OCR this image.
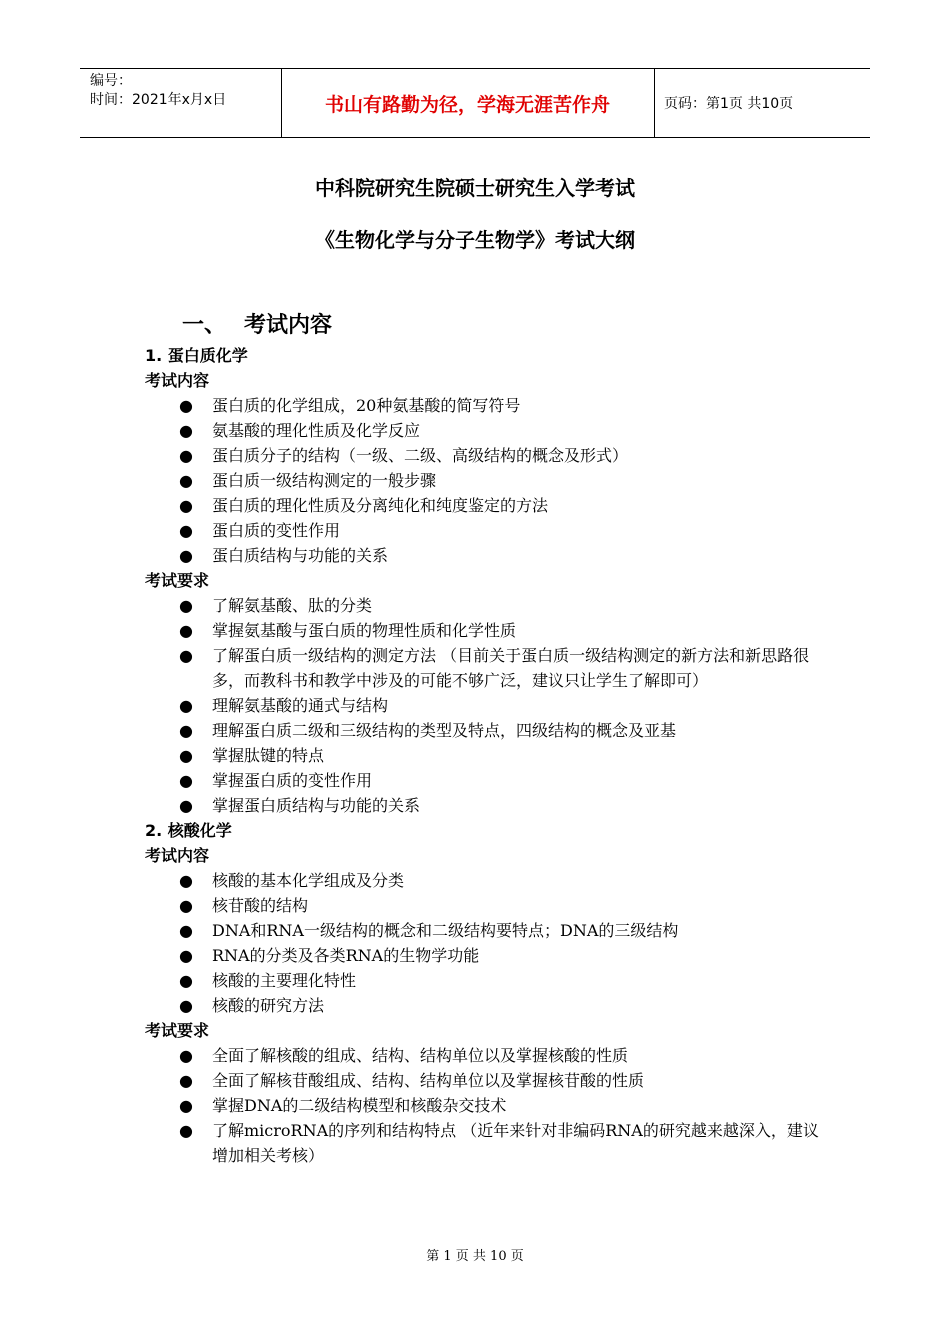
编号：
时间：2021年x月x日	书山有路勤为径，学海无涯苦作舟	页码：第1页 共10页
中科院研究生院硕士研究生入学考试
《生物化学与分子生物学》考试大纲
一、 考试内容
1. 蛋白质化学
考试内容
● 蛋白质的化学组成，20种氨基酸的简写符号
● 氨基酸的理化性质及化学反应
● 蛋白质分子的结构（一级、二级、高级结构的概念及形式）
● 蛋白质一级结构测定的一般步骤
● 蛋白质的理化性质及分离纯化和纯度鉴定的方法
● 蛋白质的变性作用
● 蛋白质结构与功能的关系
考试要求
● 了解氨基酸、肽的分类
● 掌握氨基酸与蛋白质的物理性质和化学性质
● 了解蛋白质一级结构的测定方法 （目前关于蛋白质一级结构测定的新方法和新思路很多，而教科书和教学中涉及的可能不够广泛，建议只让学生了解即可）
● 理解氨基酸的通式与结构
● 理解蛋白质二级和三级结构的类型及特点，四级结构的概念及亚基
● 掌握肽键的特点
● 掌握蛋白质的变性作用
● 掌握蛋白质结构与功能的关系
2. 核酸化学
考试内容
● 核酸的基本化学组成及分类
● 核苷酸的结构
● DNA和RNA一级结构的概念和二级结构要特点；DNA的三级结构
● RNA的分类及各类RNA的生物学功能
● 核酸的主要理化特性
● 核酸的研究方法
考试要求
● 全面了解核酸的组成、结构、结构单位以及掌握核酸的性质
● 全面了解核苷酸组成、结构、结构单位以及掌握核苷酸的性质
● 掌握DNA的二级结构模型和核酸杂交技术
● 了解microRNA的序列和结构特点 （近年来针对非编码RNA的研究越来越深入，建议增加相关考核）
第 1 页 共 10 页
